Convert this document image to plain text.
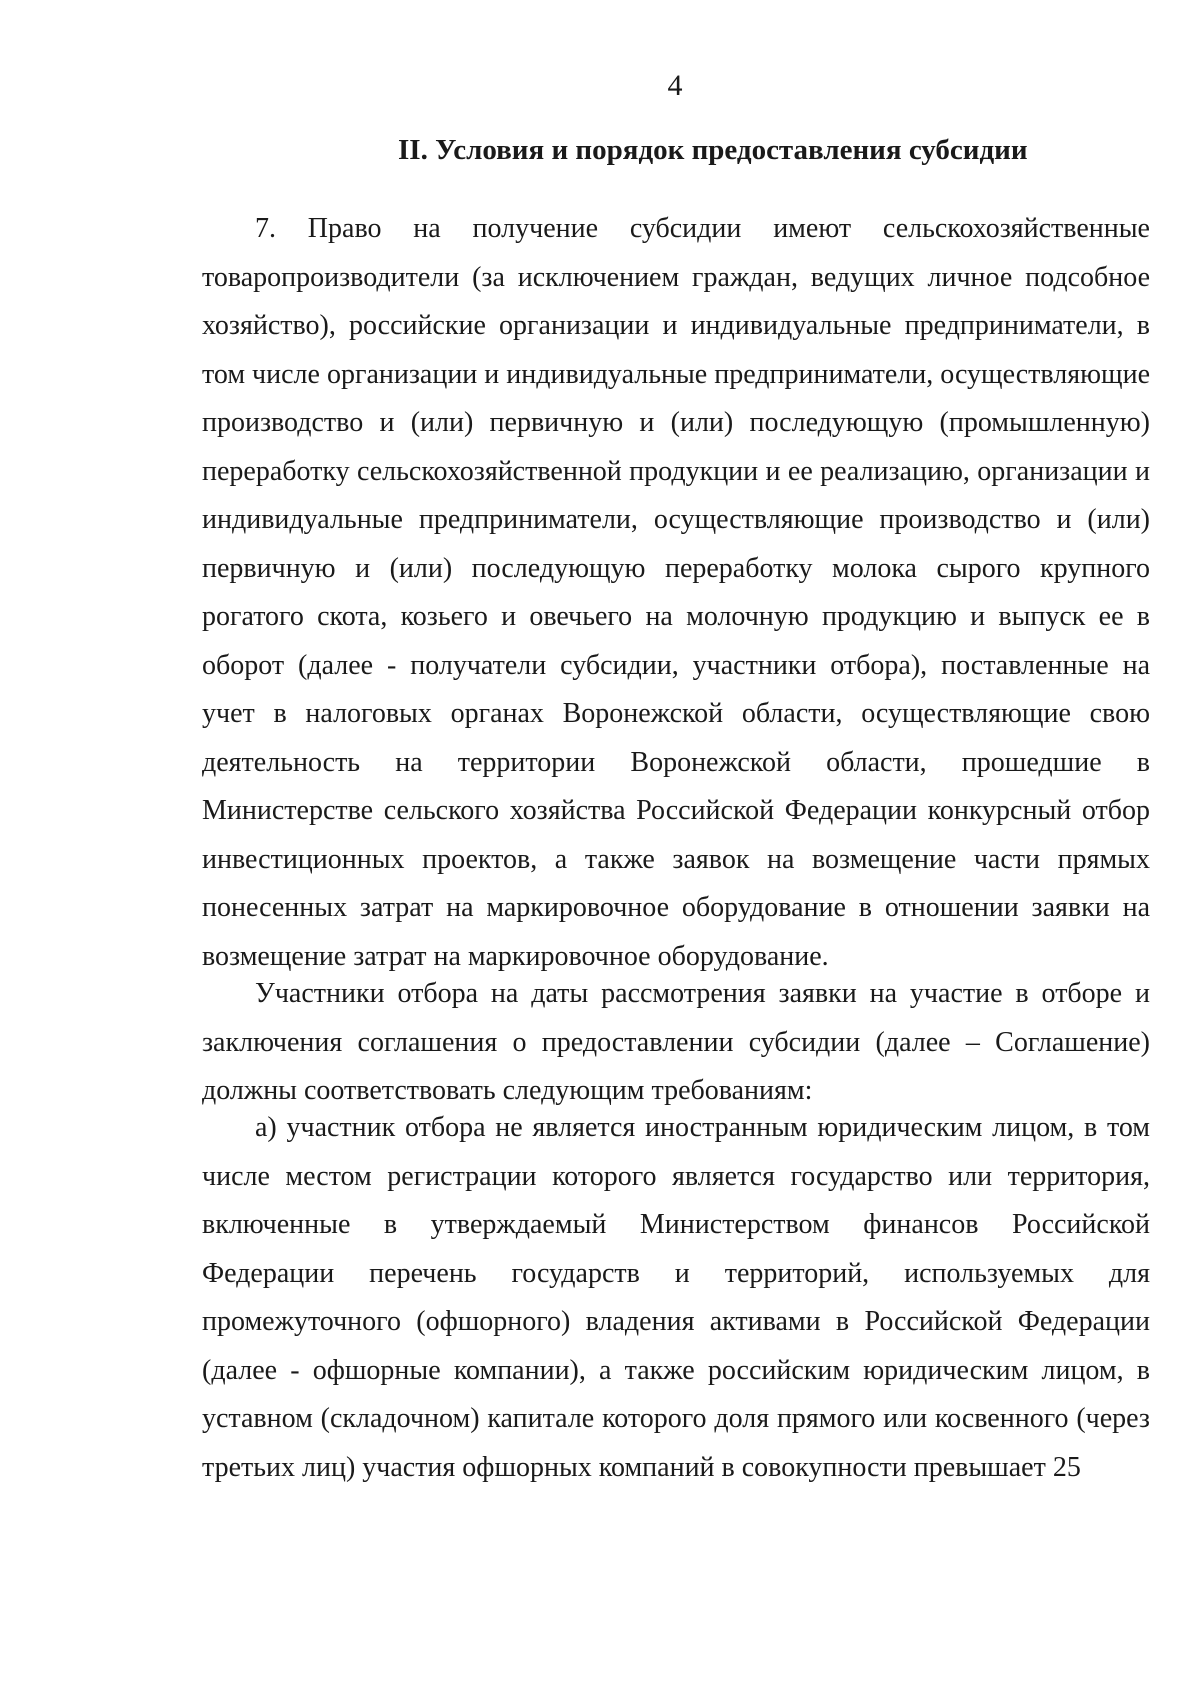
4
II. Условия и порядок предоставления субсидии

7. Право на получение субсидии имеют сельскохозяйственные товаропроизводители (за исключением граждан, ведущих личное подсобное хозяйство), российские организации и индивидуальные предприниматели, в том числе организации и индивидуальные предприниматели, осуществляющие производство и (или) первичную и (или) последующую (промышленную) переработку сельскохозяйственной продукции и ее реализацию, организации и индивидуальные предприниматели, осуществляющие производство и (или) первичную и (или) последующую переработку молока сырого крупного рогатого скота, козьего и овечьего на молочную продукцию и выпуск ее в оборот (далее - получатели субсидии, участники отбора), поставленные на учет в налоговых органах Воронежской области, осуществляющие свою деятельность на территории Воронежской области, прошедшие в Министерстве сельского хозяйства Российской Федерации конкурсный отбор инвестиционных проектов, а также заявок на возмещение части прямых понесенных затрат на маркировочное оборудование в отношении заявки на возмещение затрат на маркировочное оборудование.

Участники отбора на даты рассмотрения заявки на участие в отборе и заключения соглашения о предоставлении субсидии (далее – Соглашение) должны соответствовать следующим требованиям:

а) участник отбора не является иностранным юридическим лицом, в том числе местом регистрации которого является государство или территория, включенные в утверждаемый Министерством финансов Российской Федерации перечень государств и территорий, используемых для промежуточного (офшорного) владения активами в Российской Федерации (далее - офшорные компании), а также российским юридическим лицом, в уставном (складочном) капитале которого доля прямого или косвенного (через третьих лиц) участия офшорных компаний в совокупности превышает 25
